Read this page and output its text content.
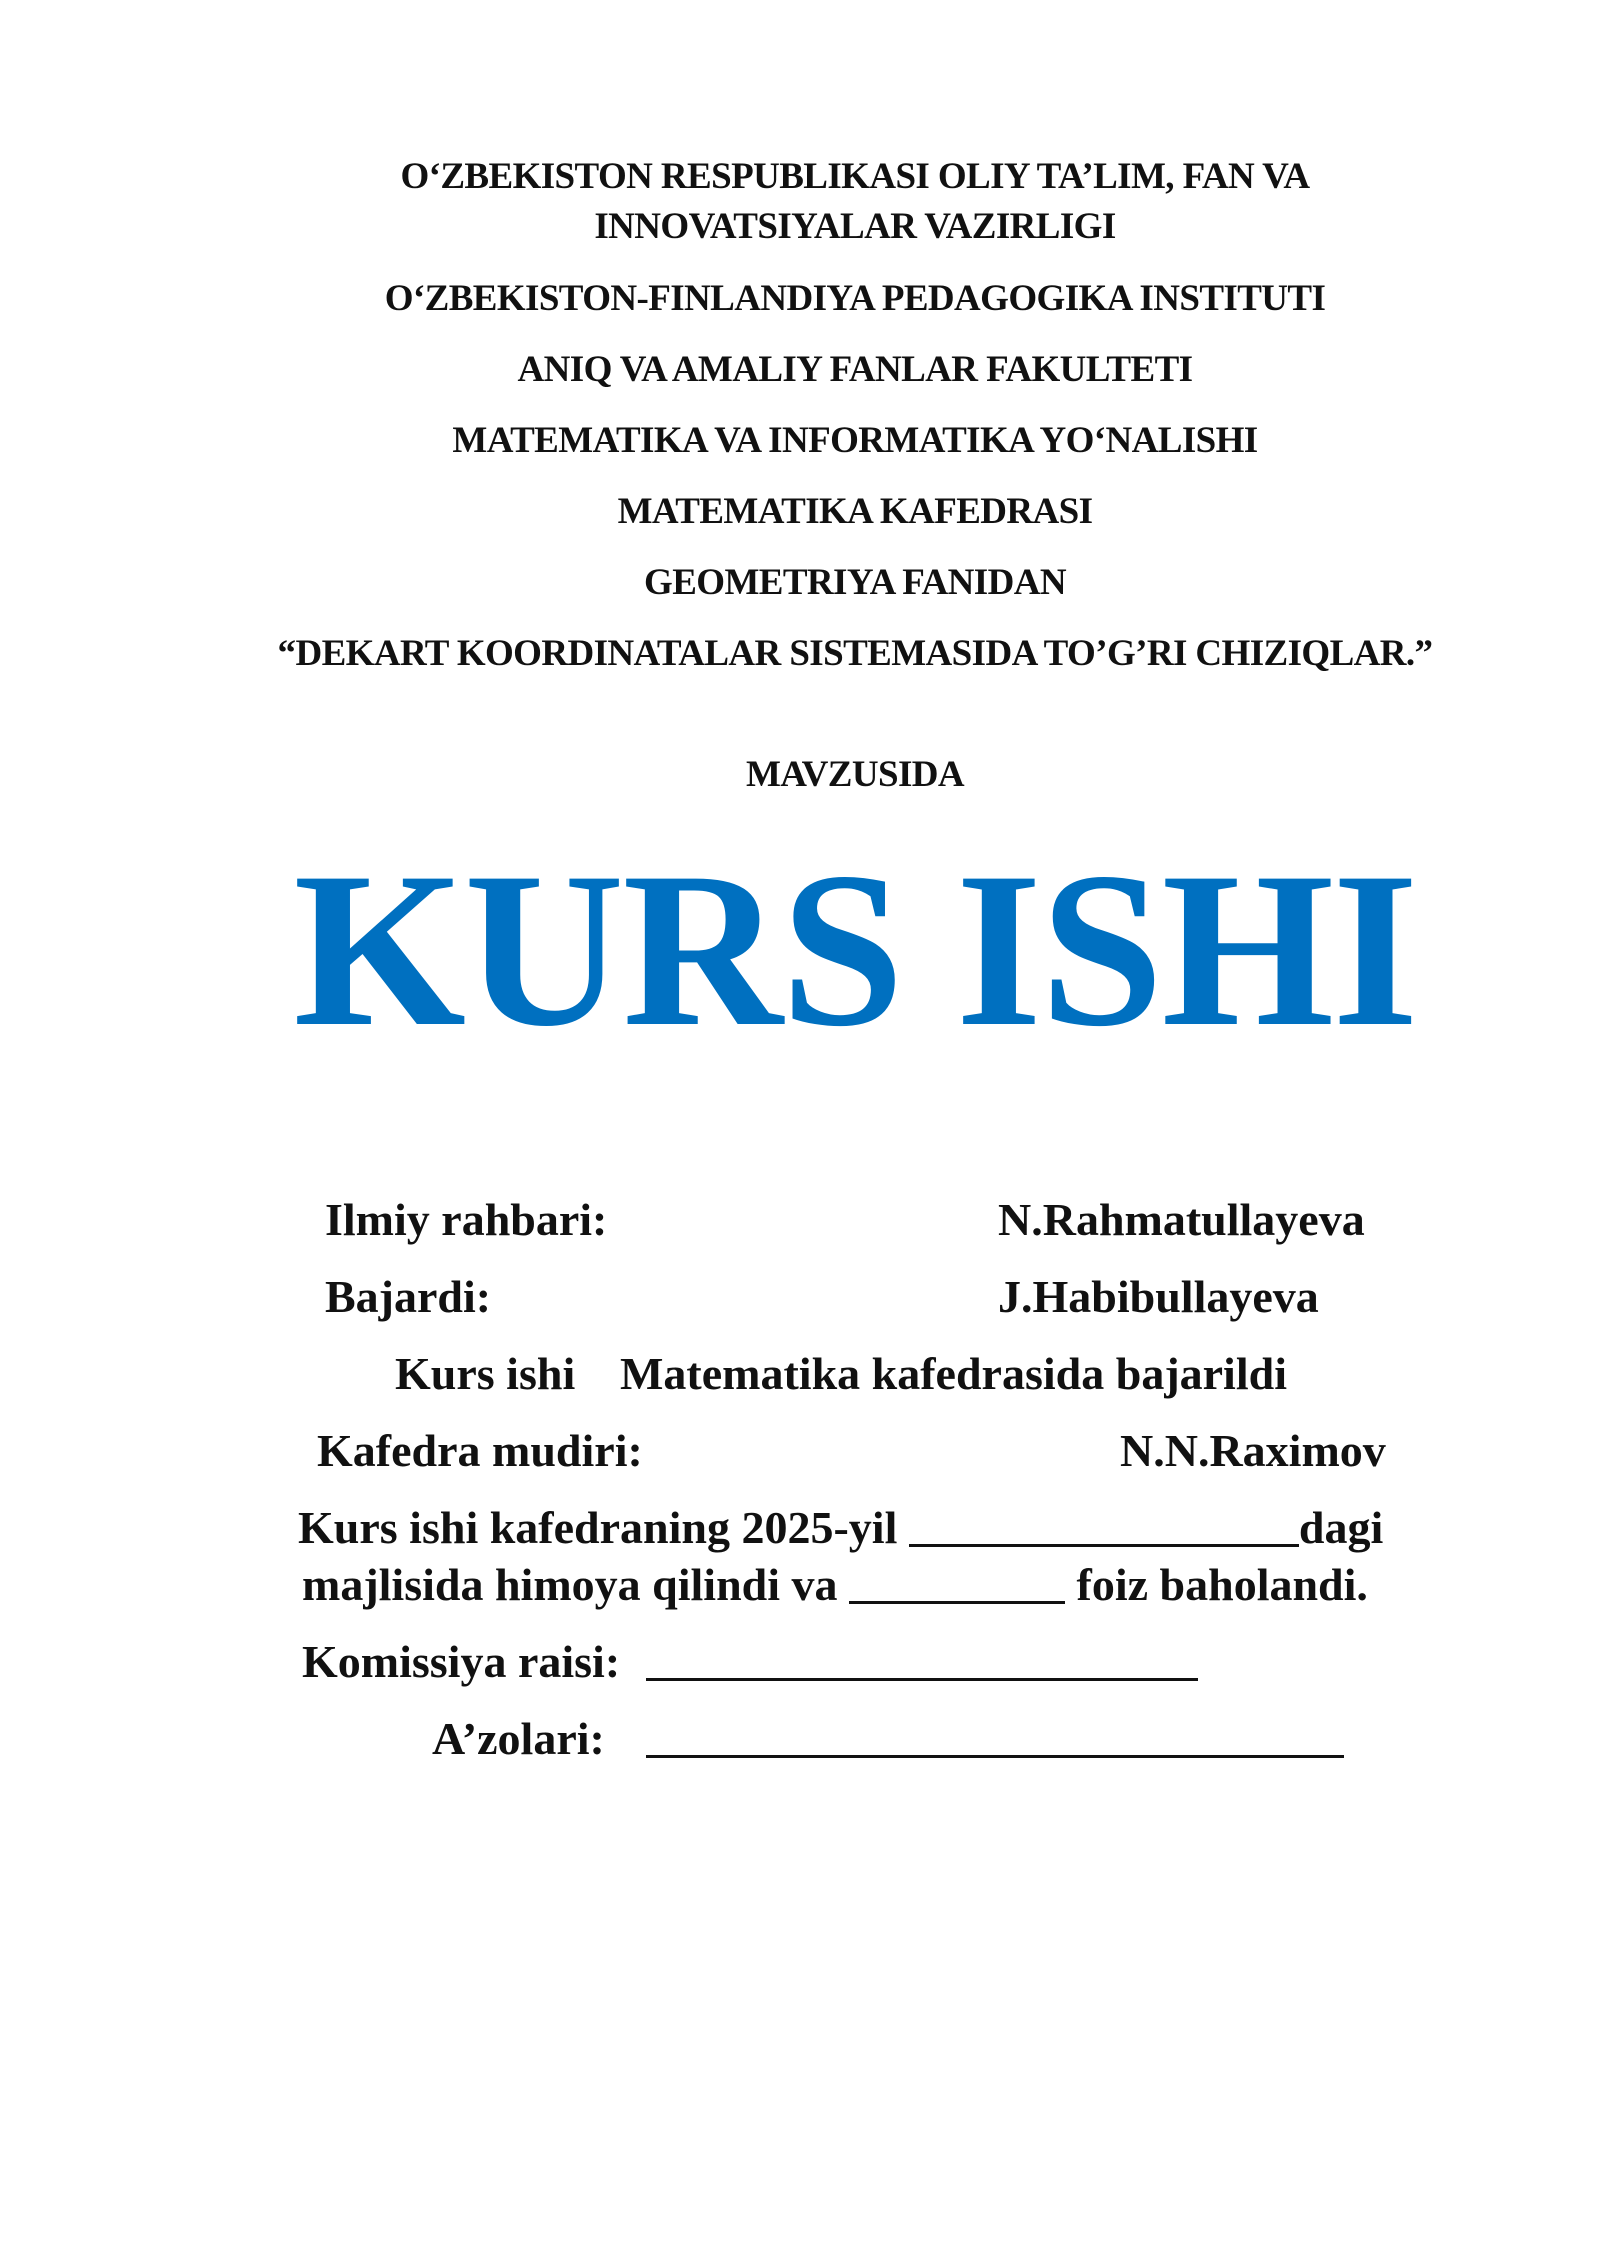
O‘ZBEKISTON RESPUBLIKASI OLIY TA’LIM, FAN VA INNOVATSIYALAR VAZIRLIGI
O‘ZBEKISTON-FINLANDIYA PEDAGOGIKA INSTITUTI
ANIQ VA AMALIY FANLAR FAKULTETI
MATEMATIKA VA INFORMATIKA YO‘NALISHI
MATEMATIKA KAFEDRASI
GEOMETRIYA FANIDAN
“DEKART KOORDINATALAR SISTEMASIDA TO’G’RI CHIZIQLAR.”
MAVZUSIDA
KURS ISHI
Ilmiy rahbari:	N.Rahmatullayeva
Bajardi:	J.Habibullayeva
Kurs ishi Matematika kafedrasida bajarildi
Kafedra mudiri:	N.N.Raximov
Kurs ishi kafedraning 2025-yil	dagi
majlisida himoya qilindi va	foiz baholandi.
Komissiya raisi:
A’zolari:
